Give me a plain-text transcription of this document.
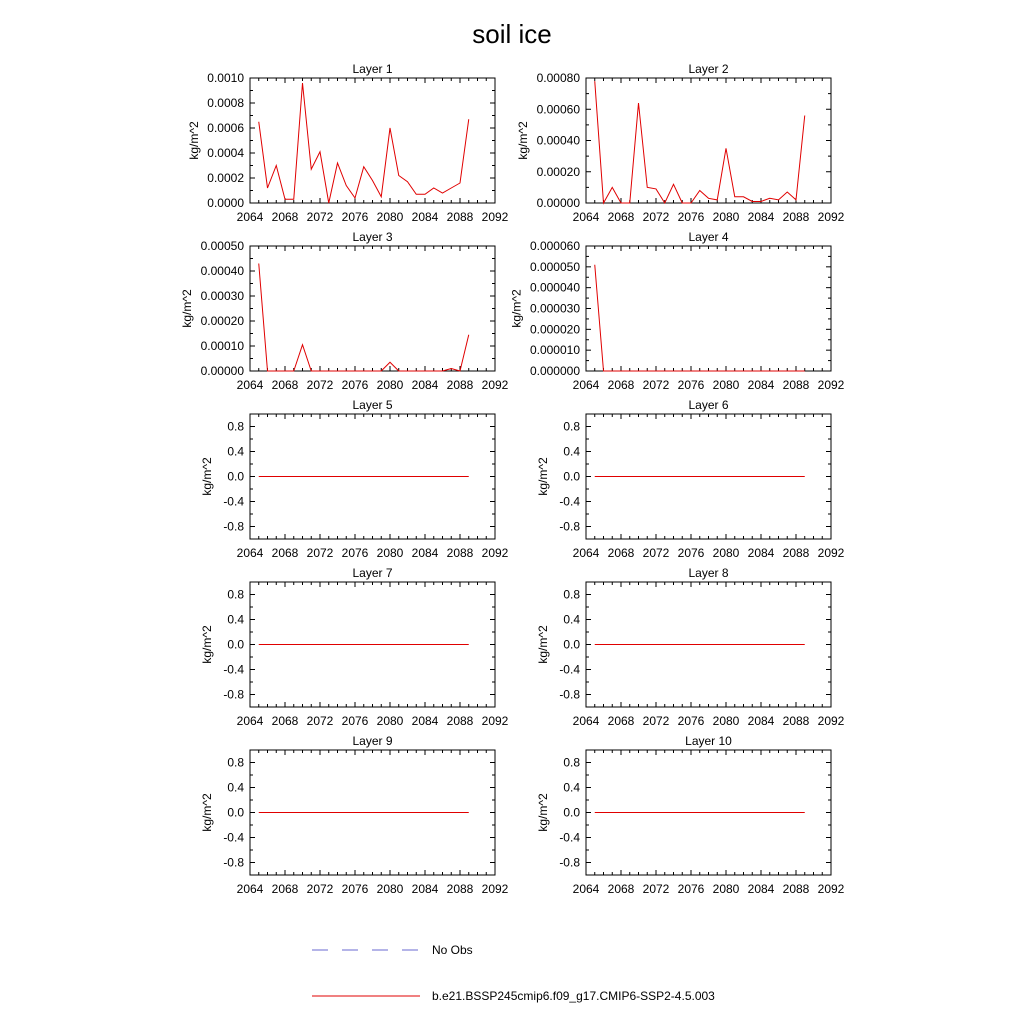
soil ice
Layer 1
2064 2068 2072 2076 2080 2084 2088 2092
0.0000
0.0002
0.0004
0.0006
0.0008
0.0010
kg/m^2
Layer 2
2064 2068 2072 2076 2080 2084 2088 2092
0.00000
0.00020
0.00040
0.00060
0.00080
kg/m^2
Layer 3
2064 2068 2072 2076 2080 2084 2088 2092
0.00000
0.00010
0.00020
0.00030
0.00040
0.00050
kg/m^2
Layer 4
2064 2068 2072 2076 2080 2084 2088 2092
0.000000
0.000010
0.000020
0.000030
0.000040
0.000050
0.000060
kg/m^2
Layer 5
2064 2068 2072 2076 2080 2084 2088 2092
-0.8
-0.4
0.0
0.4
0.8
kg/m^2
Layer 6
2064 2068 2072 2076 2080 2084 2088 2092
-0.8
-0.4
0.0
0.4
0.8
kg/m^2
Layer 7
2064 2068 2072 2076 2080 2084 2088 2092
-0.8
-0.4
0.0
0.4
0.8
kg/m^2
Layer 8
2064 2068 2072 2076 2080 2084 2088 2092
-0.8
-0.4
0.0
0.4
0.8
kg/m^2
Layer 9
2064 2068 2072 2076 2080 2084 2088 2092
-0.8
-0.4
0.0
0.4
0.8
kg/m^2
Layer 10
2064 2068 2072 2076 2080 2084 2088 2092
-0.8
-0.4
0.0
0.4
0.8
kg/m^2
No Obs
b.e21.BSSP245cmip6.f09_g17.CMIP6-SSP2-4.5.003
